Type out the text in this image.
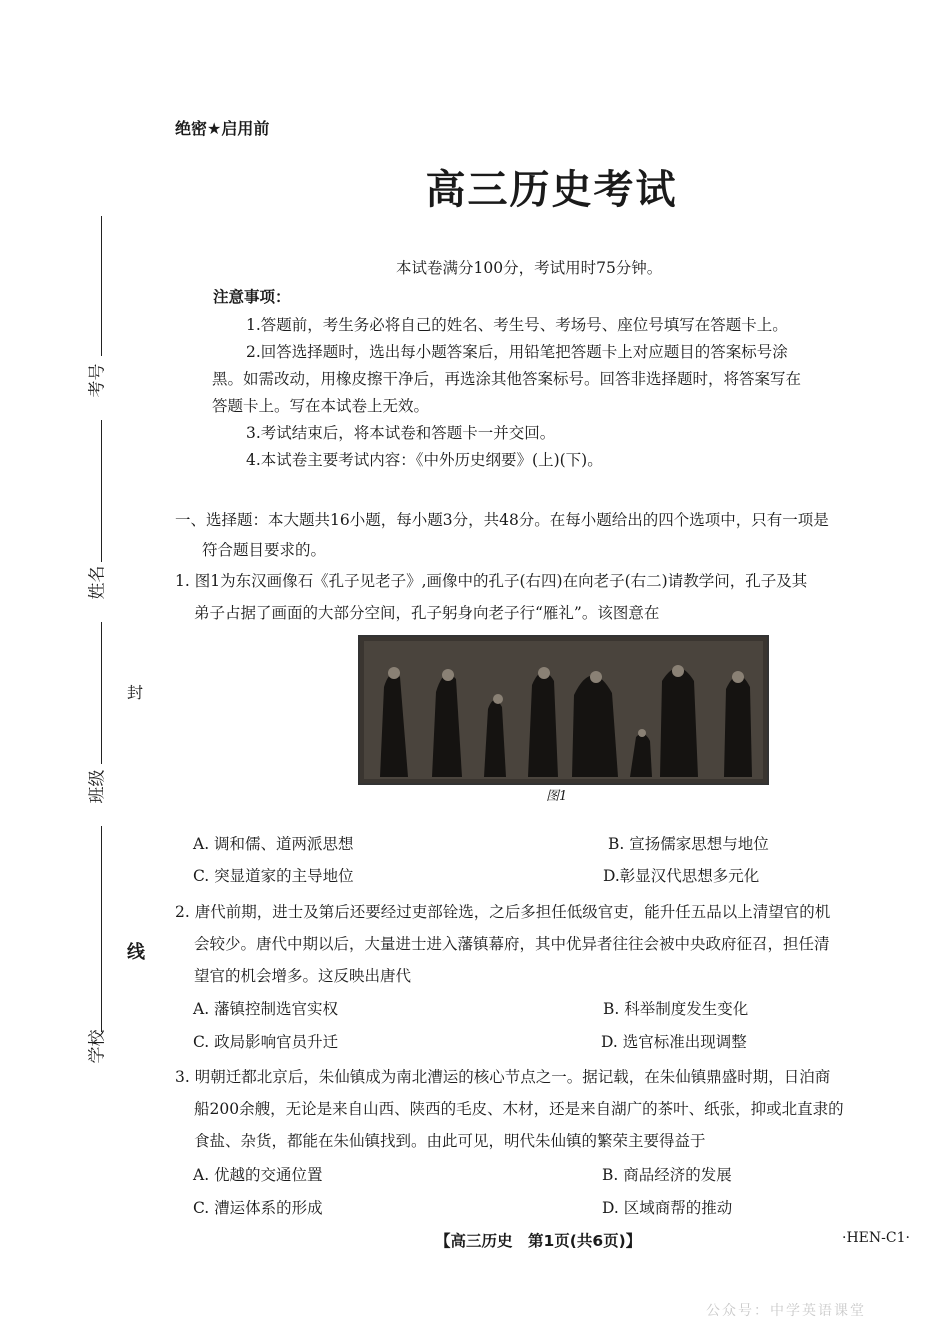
考号
姓名
班级
学校
封
线
绝密★启用前
高三历史考试
本试卷满分100分，考试用时75分钟。
注意事项：

1.答题前，考生务必将自己的姓名、考生号、考场号、座位号填写在答题卡上。

2.回答选择题时，选出每小题答案后，用铅笔把答题卡上对应题目的答案标号涂

黑。如需改动，用橡皮擦干净后，再选涂其他答案标号。回答非选择题时，将答案写在

答题卡上。写在本试卷上无效。

3.考试结束后，将本试卷和答题卡一并交回。

4.本试卷主要考试内容：《中外历史纲要》(上)(下)。

一、选择题：本大题共16小题，每小题3分，共48分。在每小题给出的四个选项中，只有一项是

符合题目要求的。

1. 图1为东汉画像石《孔子见老子》,画像中的孔子(右四)在向老子(右二)请教学问，孔子及其
弟子占据了画面的大部分空间，孔子躬身向老子行“雁礼”。该图意在
图1
A. 调和儒、道两派思想	B. 宣扬儒家思想与地位
C. 突显道家的主导地位	D.彰显汉代思想多元化
2. 唐代前期，进士及第后还要经过吏部铨选，之后多担任低级官吏，能升任五品以上清望官的机
会较少。唐代中期以后，大量进士进入藩镇幕府，其中优异者往往会被中央政府征召，担任清
望官的机会增多。这反映出唐代
A. 藩镇控制选官实权	B. 科举制度发生变化
C. 政局影响官员升迁	D. 选官标准出现调整
3. 明朝迁都北京后，朱仙镇成为南北漕运的核心节点之一。据记载，在朱仙镇鼎盛时期，日泊商
船200余艘，无论是来自山西、陕西的毛皮、木材，还是来自湖广的茶叶、纸张，抑或北直隶的
食盐、杂货，都能在朱仙镇找到。由此可见，明代朱仙镇的繁荣主要得益于
A. 优越的交通位置	B. 商品经济的发展
C. 漕运体系的形成	D. 区域商帮的推动
【高三历史　第1页(共6页)】	·HEN-C1·
公众号：中学英语课堂
